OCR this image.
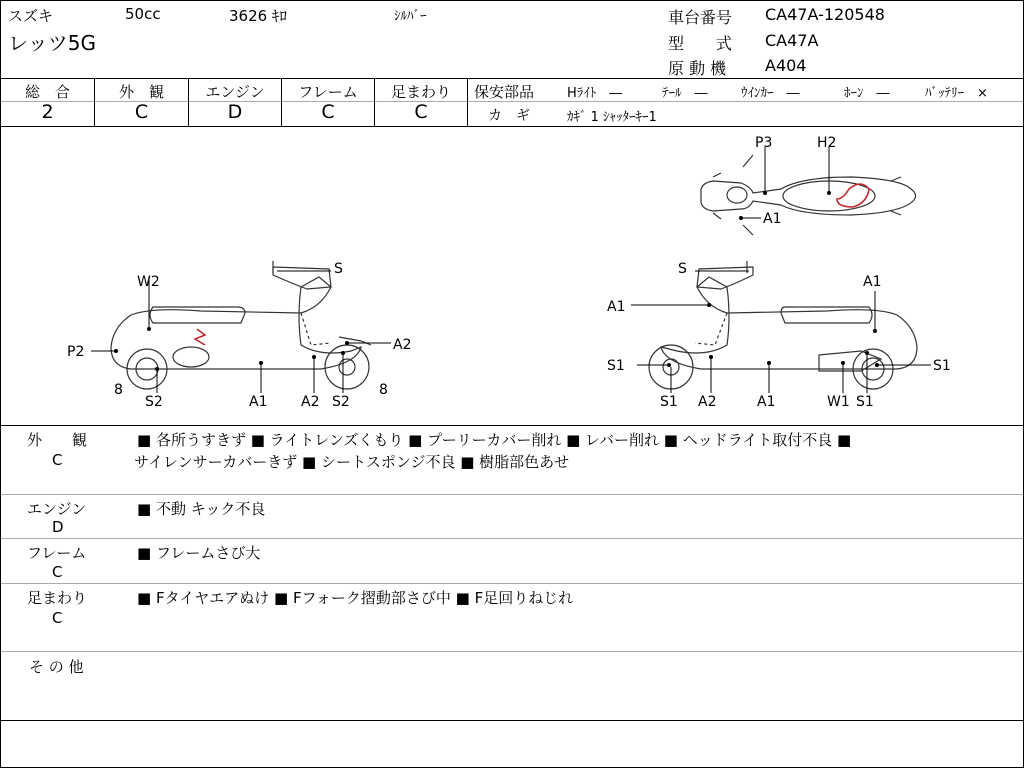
スズキ	50cc	3626 ｷﾛ	ｼﾙﾊﾞｰ
レッツ5G
車台番号 CA47A-120548
型　　式 CA47A
原 動 機 A404
総　合	外　観	エンジン	フレーム	足まわり
2	C	D	C	C
保安部品	Hﾗｲﾄ　―	ﾃｰﾙ　―	ｳｲﾝｶｰ　―	ﾎｰﾝ　―	ﾊﾞｯﾃﾘｰ　×
カ　ギ	ｶｷﾞ 1 ｼｬｯﾀｰｷｰ1
P3	H2
A1
W2
S
P2	A2
8
S2	A1 A2 S2
8
S
A1
A1
S1	S1
S1 A2	A1	W1 S1
外　　観
C
■ 各所うすきず ■ ライトレンズくもり ■ プーリーカバー削れ ■ レバー削れ ■ ヘッドライト取付不良 ■
サイレンサーカバーきず ■ シートスポンジ不良 ■ 樹脂部色あせ
エンジン
D
■ 不動 キック不良
フレーム
C
■ フレームさび大
足まわり
C
■ Fタイヤエアぬけ ■ Fフォーク摺動部さび中 ■ F足回りねじれ
そ の 他
